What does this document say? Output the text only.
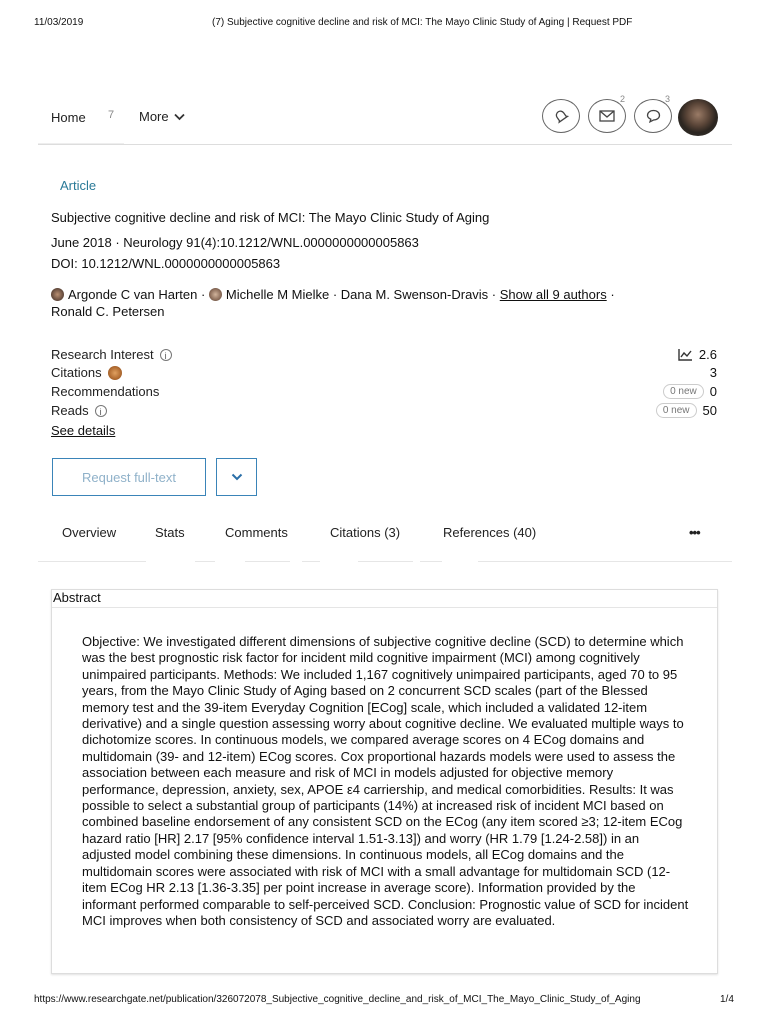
11/03/2019	(7) Subjective cognitive decline and risk of MCI: The Mayo Clinic Study of Aging | Request PDF
Home 7 More
2	3
Article
Subjective cognitive decline and risk of MCI: The Mayo Clinic Study of Aging
June 2018 · Neurology 91(4):10.1212/WNL.0000000000005863
DOI: 10.1212/WNL.0000000000005863
Argonde C van Harten · Michelle M Mielke · Dana M. Swenson-Dravis · Show all 9 authors ·
Ronald C. Petersen
Research Interest	i	2.6
Citations	3
Recommendations	0 new	0
Reads	i	0 new	50
See details
Request full-text
Overview	Stats	Comments	Citations (3)	References (40)	•••
Abstract
Objective: We investigated different dimensions of subjective cognitive decline (SCD) to determine which was the best prognostic risk factor for incident mild cognitive impairment (MCI) among cognitively unimpaired participants. Methods: We included 1,167 cognitively unimpaired participants, aged 70 to 95 years, from the Mayo Clinic Study of Aging based on 2 concurrent SCD scales (part of the Blessed memory test and the 39-item Everyday Cognition [ECog] scale, which included a validated 12-item derivative) and a single question assessing worry about cognitive decline. We evaluated multiple ways to dichotomize scores. In continuous models, we compared average scores on 4 ECog domains and multidomain (39- and 12-item) ECog scores. Cox proportional hazards models were used to assess the association between each measure and risk of MCI in models adjusted for objective memory performance, depression, anxiety, sex, APOE ε4 carriership, and medical comorbidities. Results: It was possible to select a substantial group of participants (14%) at increased risk of incident MCI based on combined baseline endorsement of any consistent SCD on the ECog (any item scored ≥3; 12-item ECog hazard ratio [HR] 2.17 [95% confidence interval 1.51-3.13]) and worry (HR 1.79 [1.24-2.58]) in an adjusted model combining these dimensions. In continuous models, all ECog domains and the multidomain scores were associated with risk of MCI with a small advantage for multidomain SCD (12-item ECog HR 2.13 [1.36-3.35] per point increase in average score). Information provided by the informant performed comparable to self-perceived SCD. Conclusion: Prognostic value of SCD for incident MCI improves when both consistency of SCD and associated worry are evaluated.
https://www.researchgate.net/publication/326072078_Subjective_cognitive_decline_and_risk_of_MCI_The_Mayo_Clinic_Study_of_Aging	1/4
